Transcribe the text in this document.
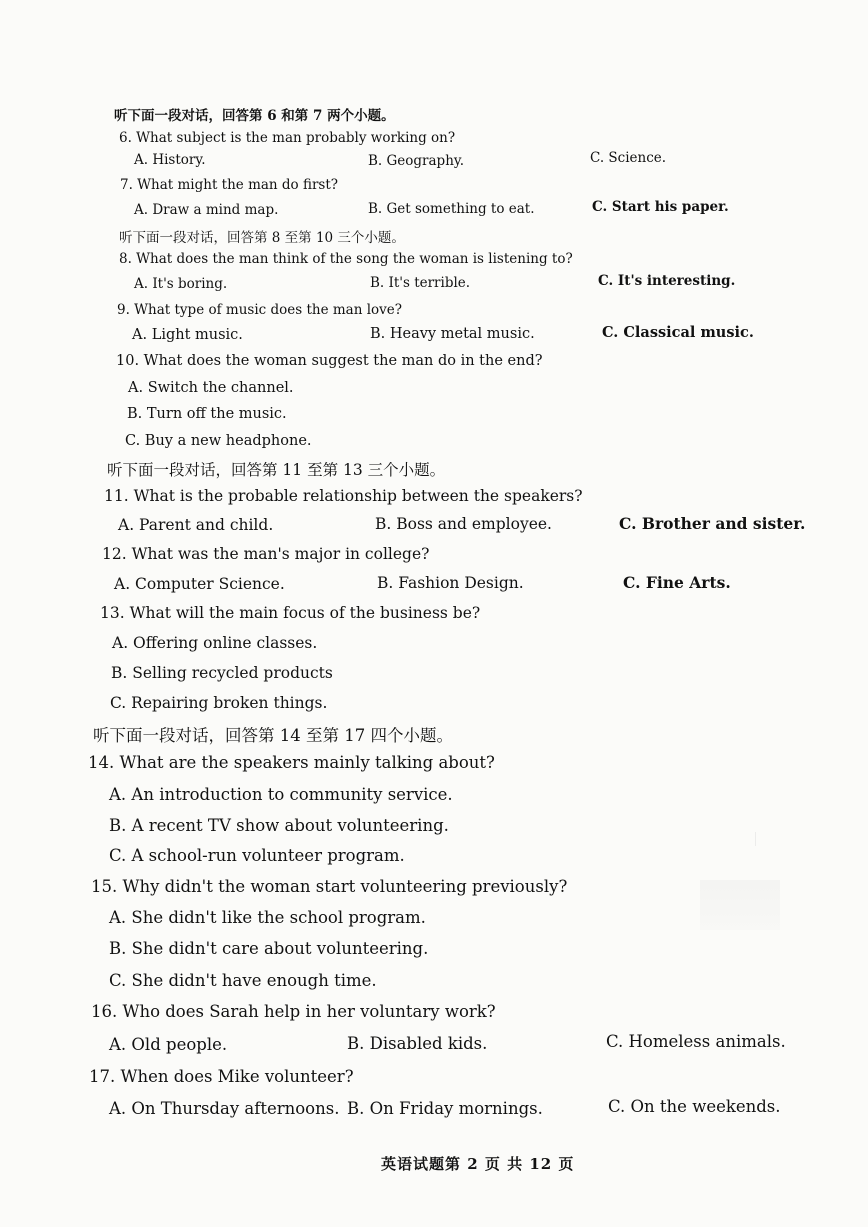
听下面一段对话，回答第 6 和第 7 两个小题。
6. What subject is the man probably working on?
A. History.	B. Geography.	C. Science.
7. What might the man do first?
A. Draw a mind map.	B. Get something to eat.	C. Start his paper.
听下面一段对话，回答第 8 至第 10 三个小题。
8. What does the man think of the song the woman is listening to?
A. It's boring.	B. It's terrible.	C. It's interesting.
9. What type of music does the man love?
A. Light music.	B. Heavy metal music.	C. Classical music.
10. What does the woman suggest the man do in the end?
A. Switch the channel.
B. Turn off the music.
C. Buy a new headphone.
听下面一段对话，回答第 11 至第 13 三个小题。
11. What is the probable relationship between the speakers?
A. Parent and child.	B. Boss and employee.	C. Brother and sister.
12. What was the man's major in college?
A. Computer Science.	B. Fashion Design.	C. Fine Arts.
13. What will the main focus of the business be?
A. Offering online classes.
B. Selling recycled products
C. Repairing broken things.
听下面一段对话，回答第 14 至第 17 四个小题。
14. What are the speakers mainly talking about?
A. An introduction to community service.
B. A recent TV show about volunteering.
C. A school-run volunteer program.
15. Why didn't the woman start volunteering previously?
A. She didn't like the school program.
B. She didn't care about volunteering.
C. She didn't have enough time.
16. Who does Sarah help in her voluntary work?
A. Old people.	B. Disabled kids.	C. Homeless animals.
17. When does Mike volunteer?
A. On Thursday afternoons. B. On Friday mornings.	C. On the weekends.
英语试题第 2 页 共 12 页
